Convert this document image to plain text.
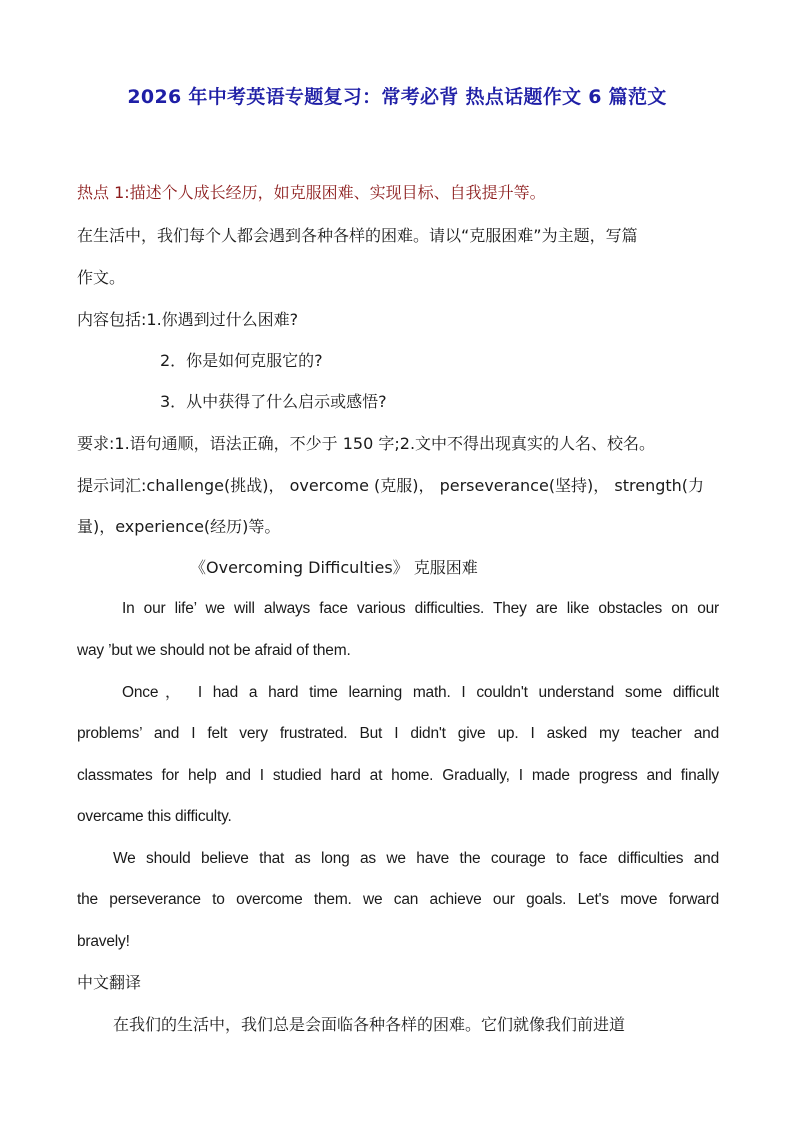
2026 年中考英语专题复习：常考必背 热点话题作文 6 篇范文
热点 1:描述个人成长经历，如克服困难、实现目标、自我提升等。
在生活中，我们每个人都会遇到各种各样的困难。请以“克服困难”为主题，写篇
作文。
内容包括:1.你遇到过什么困难?
2．你是如何克服它的?
3．从中获得了什么启示或感悟?
要求:1.语句通顺，语法正确，不少于 150 字;2.文中不得出现真实的人名、校名。
提示词汇:challenge(挑战)， overcome (克服)， perseverance(坚持)， strength(力
量)，experience(经历)等。
《Overcoming Difficulties》 克服困难
In our life’ we will always face various difficulties. They are like obstacles on our
way ’but we should not be afraid of them.
Once， I had a hard time learning math. I couldn't understand some difficult
problems’ and I felt very frustrated. But I didn't give up. I asked my teacher and
classmates for help and I studied hard at home. Gradually, I made progress and finally
overcame this difficulty.
We should believe that as long as we have the courage to face difficulties and
the perseverance to overcome them. we can achieve our goals. Let's move forward
bravely!
中文翻译
在我们的生活中，我们总是会面临各种各样的困难。它们就像我们前进道
